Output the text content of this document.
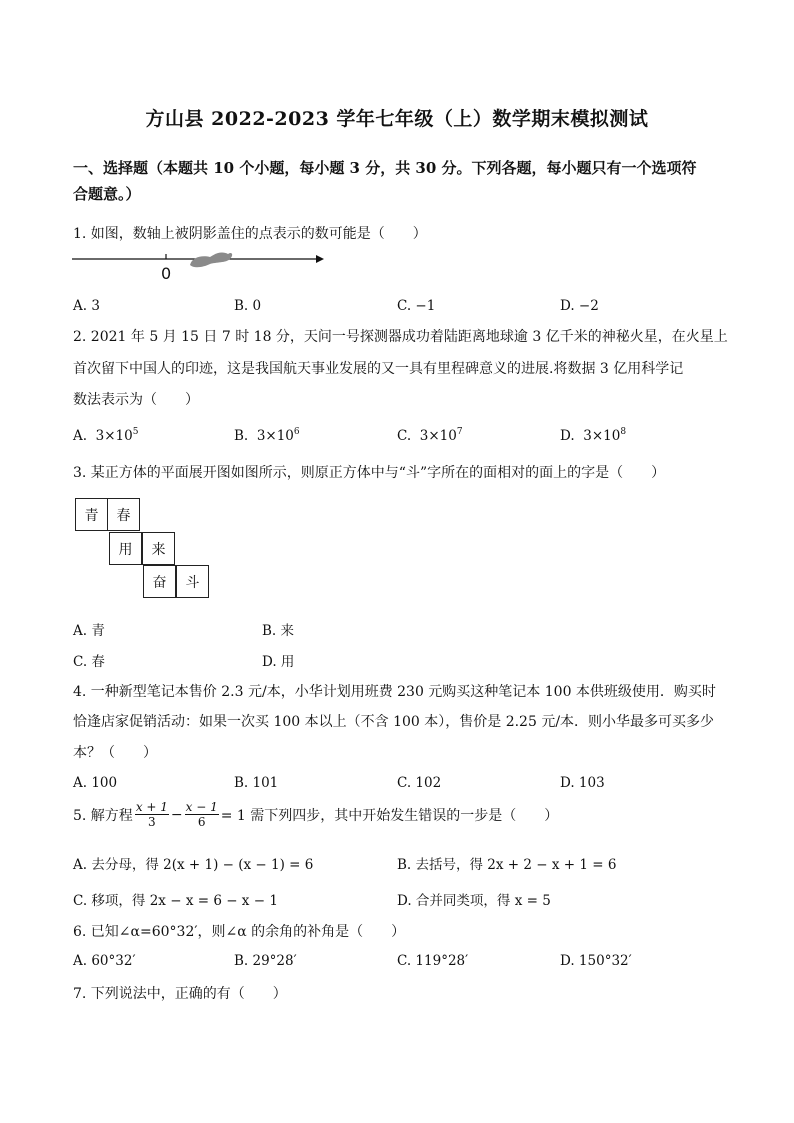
方山县 2022-2023 学年七年级（上）数学期末模拟测试
一、选择题（本题共 10 个小题，每小题 3 分，共 30 分。下列各题，每小题只有一个选项符
合题意。）
1. 如图，数轴上被阴影盖住的点表示的数可能是（　　）
0
A. 3	B. 0	C. −1	D. −2
2. 2021 年 5 月 15 日 7 时 18 分，天问一号探测器成功着陆距离地球逾 3 亿千米的神秘火星，在火星上
首次留下中国人的印迹，这是我国航天事业发展的又一具有里程碑意义的进展.将数据 3 亿用科学记
数法表示为（　　）
A. $3\times 10^5$	B. $3\times 10^6$	C. $3\times 10^7$	D. $3\times 10^8$
3. 某正方体的平面展开图如图所示，则原正方体中与“斗”字所在的面相对的面上的字是（　　）
青	春
用	来
奋	斗
A. 青	B. 来
C. 春	D. 用
4. 一种新型笔记本售价 2.3 元/本，小华计划用班费 230 元购买这种笔记本 100 本供班级使用．购买时
恰逢店家促销活动：如果一次买 100 本以上（不含 100 本），售价是 2.25 元/本．则小华最多可买多少
本？（　　）
A. 100	B. 101	C. 102	D. 103
5. 解方程 $\frac{x + 1}{3} - \frac{x - 1}{6} = 1$ 需下列四步，其中开始发生错误的一步是（　　）
A. 去分母，得 2(x + 1) − (x − 1) = 6	B. 去括号，得 2x + 2 − x + 1 = 6
C. 移项，得 2x − x = 6 − x − 1	D. 合并同类项，得 x = 5
6. 已知∠α=60°32′，则∠α 的余角的补角是（　　）
A. 60°32′	B. 29°28′	C. 119°28′	D. 150°32′
7. 下列说法中，正确的有（　　）
